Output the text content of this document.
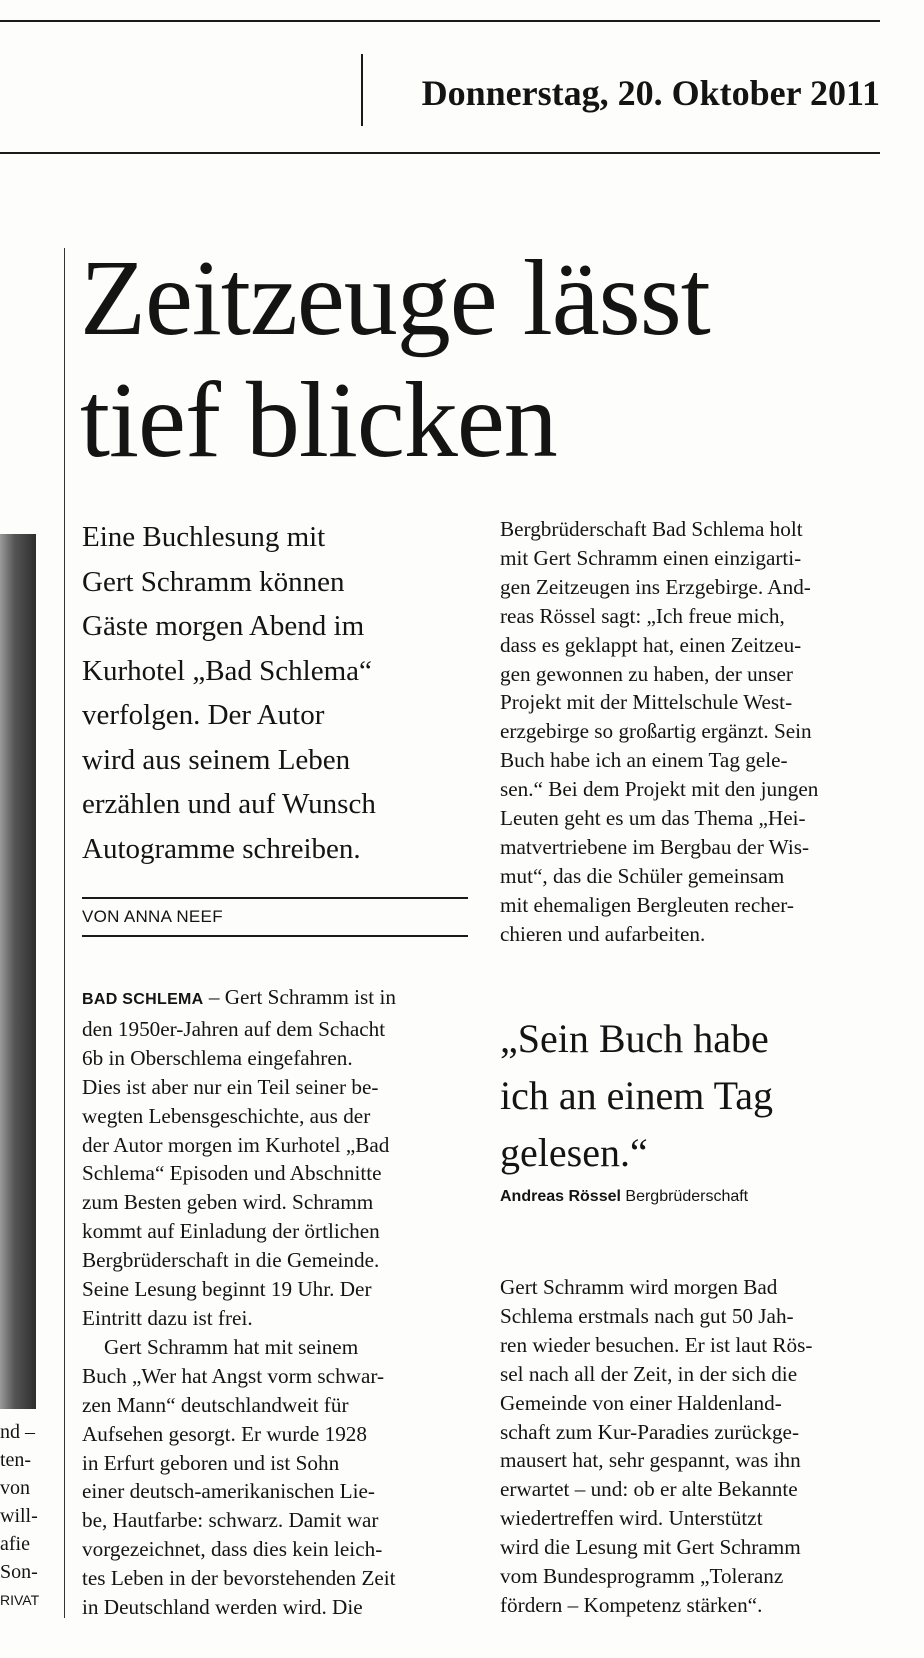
Donnerstag, 20. Oktober 2011
Zeitzeuge lässt
tief blicken
nd –
ten-
von
will-
afie
Son-
RIVAT

Eine Buchlesung mit
Gert Schramm können
Gäste morgen Abend im
Kurhotel „Bad Schlema“
verfolgen. Der Autor
wird aus seinem Leben
erzählen und auf Wunsch
Autogramme schreiben.

VON ANNA NEEF

BAD SCHLEMA – Gert Schramm ist in
den 1950er-Jahren auf dem Schacht
6b in Oberschlema eingefahren.
Dies ist aber nur ein Teil seiner be-
wegten Lebensgeschichte, aus der
der Autor morgen im Kurhotel „Bad
Schlema“ Episoden und Abschnitte
zum Besten geben wird. Schramm
kommt auf Einladung der örtlichen
Bergbrüderschaft in die Gemeinde.
Seine Lesung beginnt 19 Uhr. Der
Eintritt dazu ist frei.
Gert Schramm hat mit seinem
Buch „Wer hat Angst vorm schwar-
zen Mann“ deutschlandweit für
Aufsehen gesorgt. Er wurde 1928
in Erfurt geboren und ist Sohn
einer deutsch-amerikanischen Lie-
be, Hautfarbe: schwarz. Damit war
vorgezeichnet, dass dies kein leich-
tes Leben in der bevorstehenden Zeit
in Deutschland werden wird. Die

Bergbrüderschaft Bad Schlema holt
mit Gert Schramm einen einzigarti-
gen Zeitzeugen ins Erzgebirge. And-
reas Rössel sagt: „Ich freue mich,
dass es geklappt hat, einen Zeitzeu-
gen gewonnen zu haben, der unser
Projekt mit der Mittelschule West-
erzgebirge so großartig ergänzt. Sein
Buch habe ich an einem Tag gele-
sen.“ Bei dem Projekt mit den jungen
Leuten geht es um das Thema „Hei-
matvertriebene im Bergbau der Wis-
mut“, das die Schüler gemeinsam
mit ehemaligen Bergleuten recher-
chieren und aufarbeiten.

„Sein Buch habe
ich an einem Tag
gelesen.“

Andreas Rössel Bergbrüderschaft

Gert Schramm wird morgen Bad
Schlema erstmals nach gut 50 Jah-
ren wieder besuchen. Er ist laut Rös-
sel nach all der Zeit, in der sich die
Gemeinde von einer Haldenland-
schaft zum Kur-Paradies zurückge-
mausert hat, sehr gespannt, was ihn
erwartet – und: ob er alte Bekannte
wiedertreffen wird. Unterstützt
wird die Lesung mit Gert Schramm
vom Bundesprogramm „Toleranz
fördern – Kompetenz stärken“.
